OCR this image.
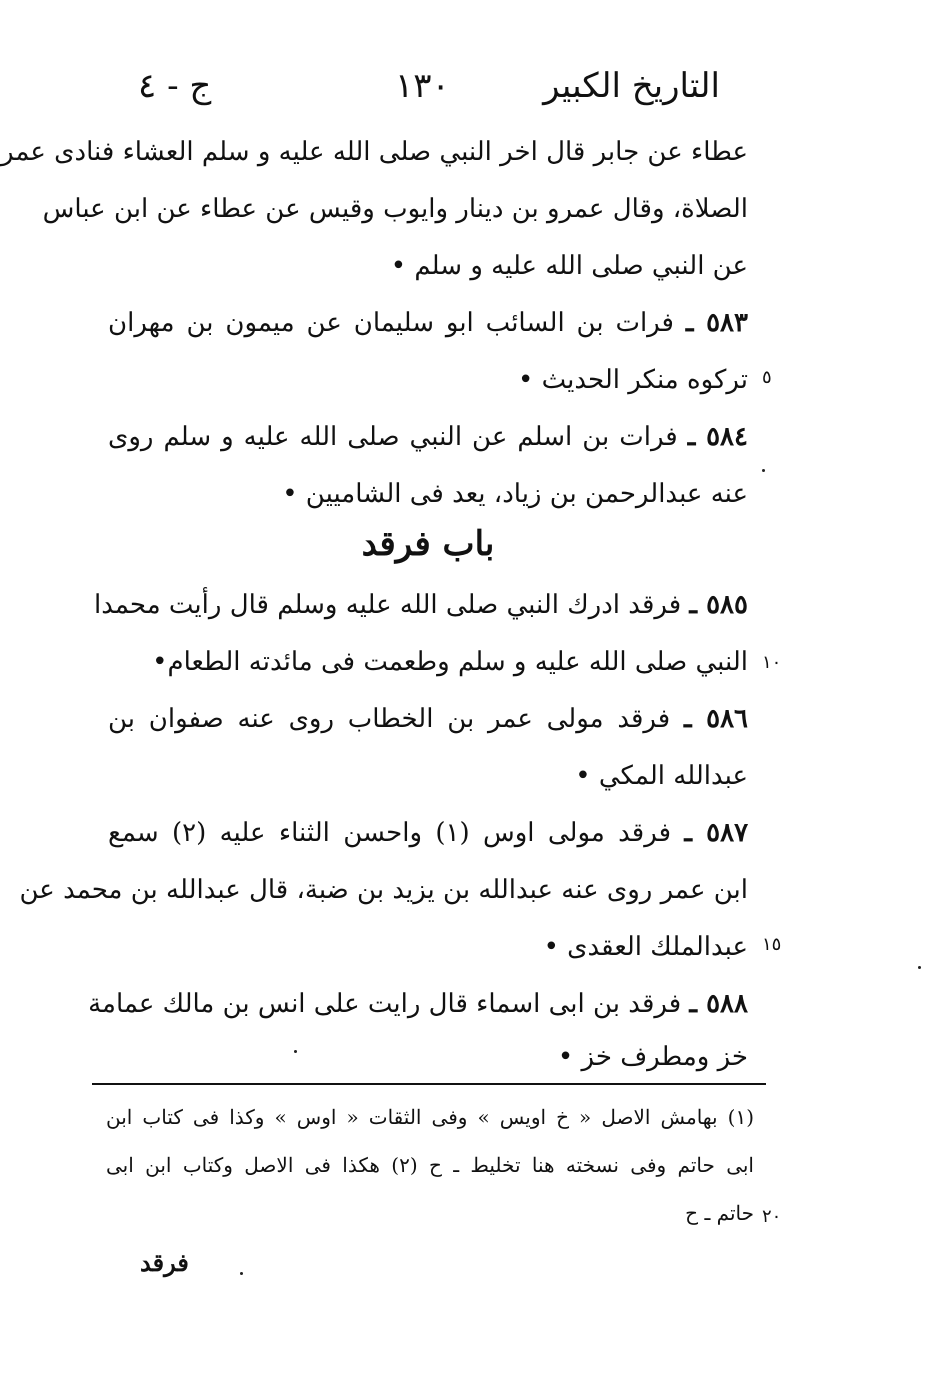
التاريخ الكبير
١٣٠
ج - ٤
عطاء عن جابر قال اخر النبي صلى الله عليه و سلم العشاء فنادى عمر
الصلاة، وقال عمرو بن دينار وايوب وقيس عن عطاء عن ابن عباس
عن النبي صلى الله عليه و سلم •
٥٨٣ ـ فرات بن السائب ابو سليمان عن ميمون بن مهران
تركوه منكر الحديث • ٥
٥٨٤ ـ فرات بن اسلم عن النبي صلى الله عليه و سلم روى
عنه عبدالرحمن بن زياد، يعد فى الشاميين •
باب فرقد
٥٨٥ ـ فرقد ادرك النبي صلى الله عليه وسلم قال رأيت محمدا
النبي صلى الله عليه و سلم وطعمت فى مائدته الطعام• ١٠
٥٨٦ ـ فرقد مولى عمر بن الخطاب روى عنه صفوان بن
عبدالله المكي •
٥٨٧ ـ فرقد مولى اوس (١) واحسن الثناء عليه (٢) سمع
ابن عمر روى عنه عبدالله بن يزيد بن ضبة، قال عبدالله بن محمد عن
عبدالملك العقدى • ١٥
٥٨٨ ـ فرقد بن ابى اسماء قال رايت على انس بن مالك عمامة
خز ومطرف خز •
(١) بهامش الاصل « خ اويس » وفى الثقات « اوس » وكذا فى كتاب ابن
ابى حاتم وفى نسخته هنا تخليط ـ ح (٢) هكذا فى الاصل وكتاب ابن ابى
حاتم ـ ح ٢٠
فرقد
